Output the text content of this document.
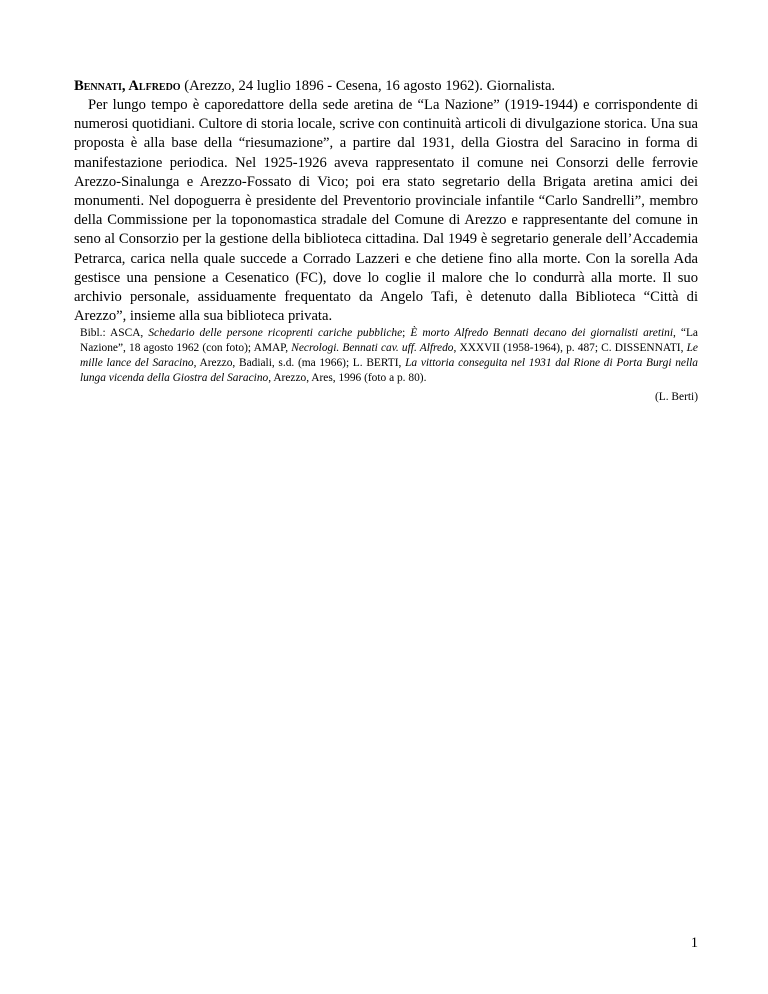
Bennati, Alfredo (Arezzo, 24 luglio 1896 - Cesena, 16 agosto 1962). Giornalista.

Per lungo tempo è caporedattore della sede aretina de “La Nazione” (1919-1944) e corrispondente di numerosi quotidiani. Cultore di storia locale, scrive con continuità articoli di divulgazione storica. Una sua proposta è alla base della “riesumazione”, a partire dal 1931, della Giostra del Saracino in forma di manifestazione periodica. Nel 1925-1926 aveva rappresentato il comune nei Consorzi delle ferrovie Arezzo-Sinalunga e Arezzo-Fossato di Vico; poi era stato segretario della Brigata aretina amici dei monumenti. Nel dopoguerra è presidente del Preventorio provinciale infantile “Carlo Sandrelli”, membro della Commissione per la toponomastica stradale del Comune di Arezzo e rappresentante del comune in seno al Consorzio per la gestione della biblioteca cittadina. Dal 1949 è segretario generale dell’Accademia Petrarca, carica nella quale succede a Corrado Lazzeri e che detiene fino alla morte. Con la sorella Ada gestisce una pensione a Cesenatico (FC), dove lo coglie il malore che lo condurrà alla morte. Il suo archivio personale, assiduamente frequentato da Angelo Tafi, è detenuto dalla Biblioteca “Città di Arezzo”, insieme alla sua biblioteca privata.

Bibl.: ASCA, Schedario delle persone ricoprenti cariche pubbliche; È morto Alfredo Bennati decano dei giornalisti aretini, “La Nazione”, 18 agosto 1962 (con foto); AMAP, Necrologi. Bennati cav. uff. Alfredo, XXXVII (1958-1964), p. 487; C. DISSENNATI, Le mille lance del Saracino, Arezzo, Badiali, s.d. (ma 1966); L. BERTI, La vittoria conseguita nel 1931 dal Rione di Porta Burgi nella lunga vicenda della Giostra del Saracino, Arezzo, Ares, 1996 (foto a p. 80).

(L. Berti)

1
